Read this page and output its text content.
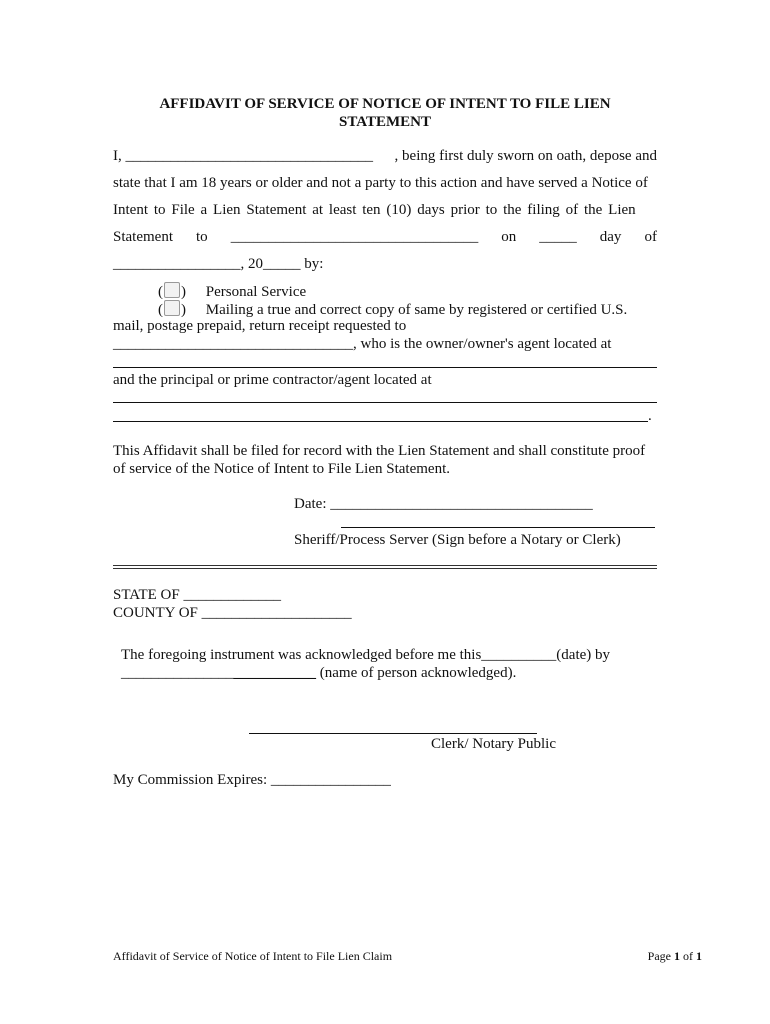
AFFIDAVIT OF SERVICE OF NOTICE OF INTENT TO FILE LIEN
STATEMENT
I, _________________________________ , being first duly sworn on oath, depose and
state that I am 18 years or older and not a party to this action and have served a Notice of
Intent to File a Lien Statement at least ten (10) days prior to the filing of the Lien
Statement to _________________________________ on _____ day of
_________________, 20_____ by:
( ) Personal Service
( ) Mailing a true and correct copy of same by registered or certified U.S.
mail, postage prepaid, return receipt requested to
________________________________, who is the owner/owner's agent located at
and the principal or prime contractor/agent located at
.
This Affidavit shall be filed for record with the Lien Statement and shall constitute proof
of service of the Notice of Intent to File Lien Statement.
Date: ___________________________________
Sheriff/Process Server (Sign before a Notary or Clerk)
STATE OF _____________
COUNTY OF ____________________
The foregoing instrument was acknowledged before me this__________(date) by
__________________________ (name of person acknowledged).
Clerk/ Notary Public
My Commission Expires: ________________
Affidavit of Service of Notice of Intent to File Lien Claim	Page 1 of 1
